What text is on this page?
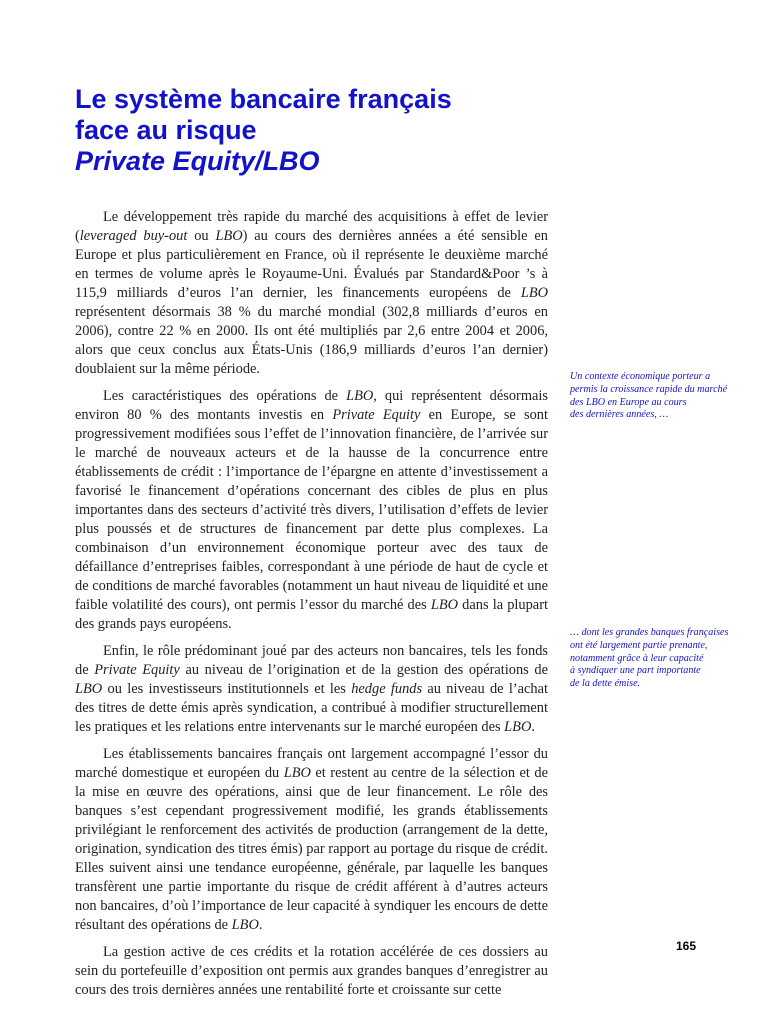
Le système bancaire français
face au risque
Private Equity/LBO

Le développement très rapide du marché des acquisitions à effet de levier (leveraged buy-out ou LBO) au cours des dernières années a été sensible en Europe et plus particulièrement en France, où il représente le deuxième marché en termes de volume après le Royaume-Uni. Évalués par Standard&Poor ’s à 115,9 milliards d’euros l’an dernier, les financements européens de LBO représentent désormais 38 % du marché mondial (302,8 milliards d’euros en 2006), contre 22 % en 2000. Ils ont été multipliés par 2,6 entre 2004 et 2006, alors que ceux conclus aux États-Unis (186,9 milliards d’euros l’an dernier) doublaient sur la même période.

Les caractéristiques des opérations de LBO, qui représentent désormais environ 80 % des montants investis en Private Equity en Europe, se sont progressivement modifiées sous l’effet de l’innovation financière, de l’arrivée sur le marché de nouveaux acteurs et de la hausse de la concurrence entre établissements de crédit : l’importance de l’épargne en attente d’investissement a favorisé le financement d’opérations concernant des cibles de plus en plus importantes dans des secteurs d’activité très divers, l’utilisation d’effets de levier plus poussés et de structures de financement par dette plus complexes. La combinaison d’un environnement économique porteur avec des taux de défaillance d’entreprises faibles, correspondant à une période de haut de cycle et de conditions de marché favorables (notamment un haut niveau de liquidité et une faible volatilité des cours), ont permis l’essor du marché des LBO dans la plupart des grands pays européens.

Enfin, le rôle prédominant joué par des acteurs non bancaires, tels les fonds de Private Equity au niveau de l’origination et de la gestion des opérations de LBO ou les investisseurs institutionnels et les hedge funds au niveau de l’achat des titres de dette émis après syndication, a contribué à modifier structurellement les pratiques et les relations entre intervenants sur le marché européen des LBO.

Les établissements bancaires français ont largement accompagné l’essor du marché domestique et européen du LBO et restent au centre de la sélection et de la mise en œuvre des opérations, ainsi que de leur financement. Le rôle des banques s’est cependant progressivement modifié, les grands établissements privilégiant le renforcement des activités de production (arrangement de la dette, origination, syndication des titres émis) par rapport au portage du risque de crédit. Elles suivent ainsi une tendance européenne, générale, par laquelle les banques transfèrent une partie importante du risque de crédit afférent à d’autres acteurs non bancaires, d’où l’importance de leur capacité à syndiquer les encours de dette résultant des opérations de LBO.

La gestion active de ces crédits et la rotation accélérée de ces dossiers au sein du portefeuille d’exposition ont permis aux grandes banques d’enregistrer au cours des trois dernières années une rentabilité forte et croissante sur cette

Un contexte économique porteur a
permis la croissance rapide du marché
des LBO en Europe au cours
des dernières années, …
… dont les grandes banques françaises
ont été largement partie prenante,
notamment grâce à leur capacité
à syndiquer une part importante
de la dette émise.
165
